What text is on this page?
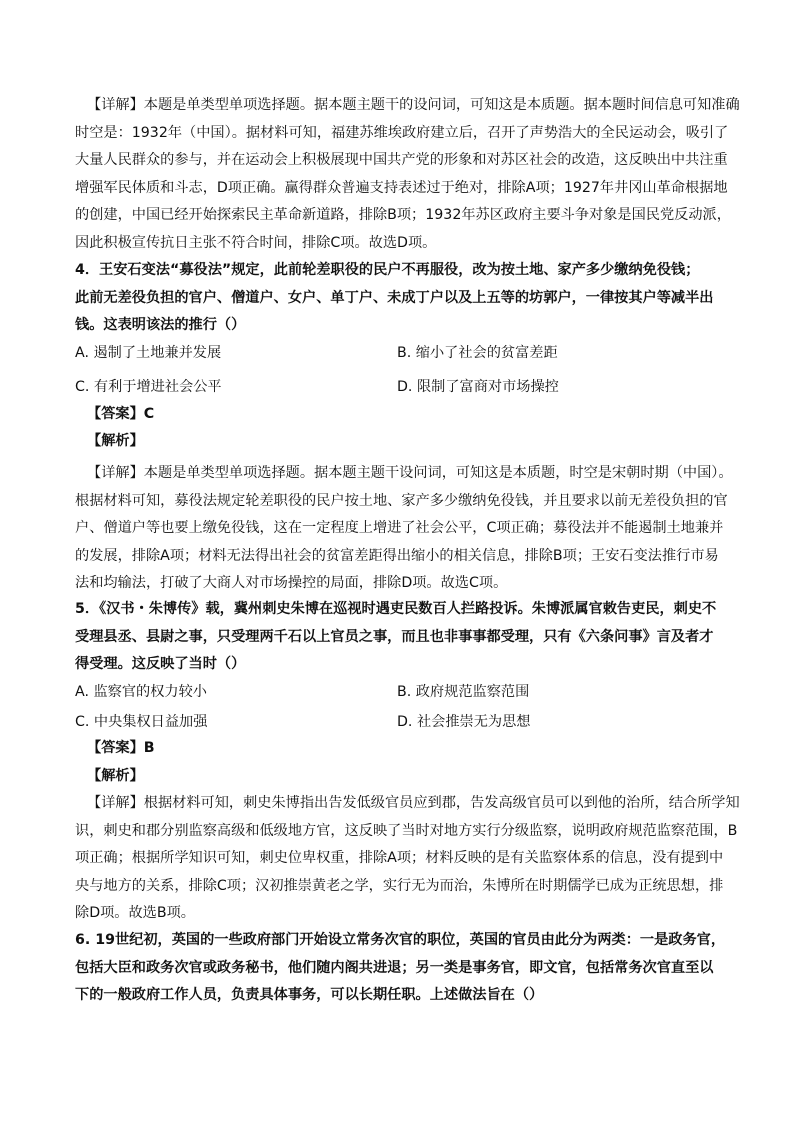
【详解】本题是单类型单项选择题。据本题主题干的设问词，可知这是本质题。据本题时间信息可知准确
时空是：1932年（中国）。据材料可知，福建苏维埃政府建立后，召开了声势浩大的全民运动会，吸引了
大量人民群众的参与，并在运动会上积极展现中国共产党的形象和对苏区社会的改造，这反映出中共注重
增强军民体质和斗志，D项正确。赢得群众普遍支持表述过于绝对，排除A项；1927年井冈山革命根据地
的创建，中国已经开始探索民主革命新道路，排除B项；1932年苏区政府主要斗争对象是国民党反动派，
因此积极宣传抗日主张不符合时间，排除C项。故选D项。
4．王安石变法“募役法”规定，此前轮差职役的民户不再服役，改为按土地、家产多少缴纳免役钱；
此前无差役负担的官户、僧道户、女户、单丁户、未成丁户以及上五等的坊郭户，一律按其户等减半出
钱。这表明该法的推行（）
A. 遏制了土地兼并发展	B. 缩小了社会的贫富差距
C. 有利于增进社会公平	D. 限制了富商对市场操控
【答案】C
【解析】
【详解】本题是单类型单项选择题。据本题主题干设问词，可知这是本质题，时空是宋朝时期（中国）。
根据材料可知，募役法规定轮差职役的民户按土地、家产多少缴纳免役钱，并且要求以前无差役负担的官
户、僧道户等也要上缴免役钱，这在一定程度上增进了社会公平，C项正确；募役法并不能遏制土地兼并
的发展，排除A项；材料无法得出社会的贫富差距得出缩小的相关信息，排除B项；王安石变法推行市易
法和均输法，打破了大商人对市场操控的局面，排除D项。故选C项。
5．《汉书・朱博传》载，冀州刺史朱博在巡视时遇吏民数百人拦路投诉。朱博派属官敕告吏民，刺史不
受理县丞、县尉之事，只受理两千石以上官员之事，而且也非事事都受理，只有《六条问事》言及者才
得受理。这反映了当时（）
A. 监察官的权力较小	B. 政府规范监察范围
C. 中央集权日益加强	D. 社会推崇无为思想
【答案】B
【解析】
【详解】根据材料可知，刺史朱博指出告发低级官员应到郡，告发高级官员可以到他的治所，结合所学知
识，刺史和郡分别监察高级和低级地方官，这反映了当时对地方实行分级监察，说明政府规范监察范围，B
项正确；根据所学知识可知，刺史位卑权重，排除A项；材料反映的是有关监察体系的信息，没有提到中
央与地方的关系，排除C项；汉初推崇黄老之学，实行无为而治，朱博所在时期儒学已成为正统思想，排
除D项。故选B项。
6. 19世纪初，英国的一些政府部门开始设立常务次官的职位，英国的官员由此分为两类：一是政务官，
包括大臣和政务次官或政务秘书，他们随内阁共进退；另一类是事务官，即文官，包括常务次官直至以
下的一般政府工作人员，负责具体事务，可以长期任职。上述做法旨在（）
